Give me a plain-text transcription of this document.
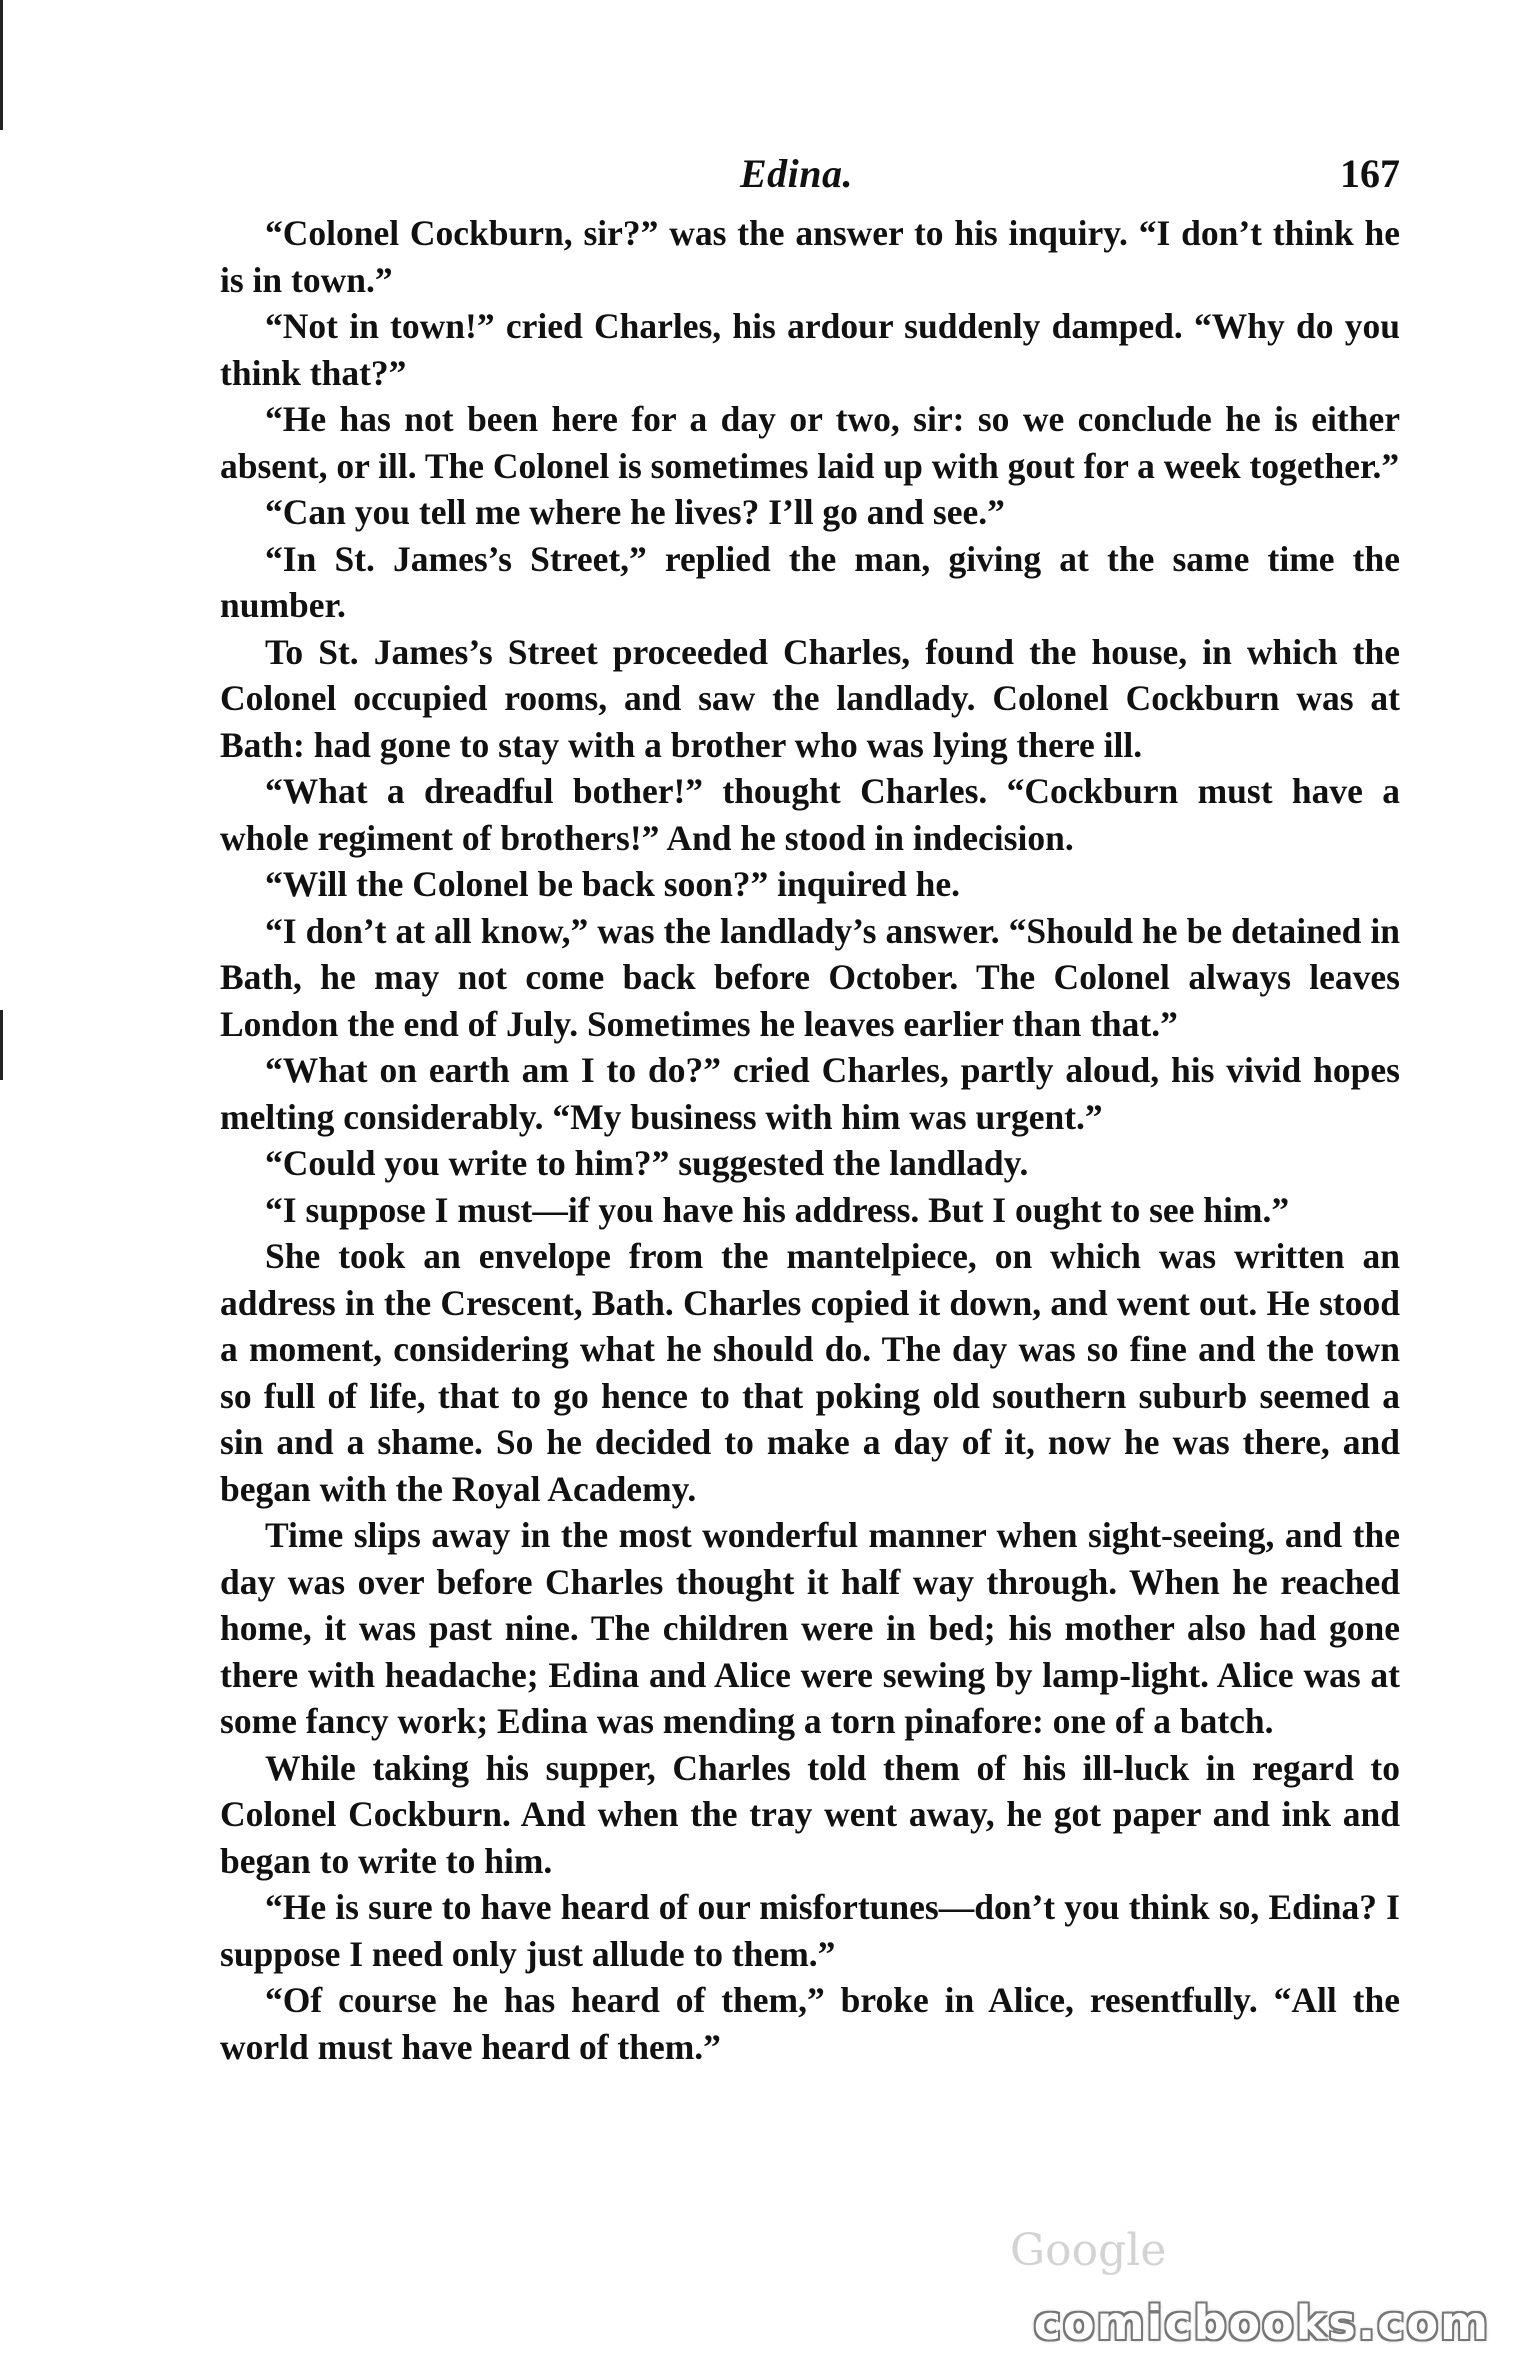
Edina.	167

“Colonel Cockburn, sir?” was the answer to his inquiry. “I don’t think he is in town.”

“Not in town!” cried Charles, his ardour suddenly damped. “Why do you think that?”

“He has not been here for a day or two, sir: so we conclude he is either absent, or ill. The Colonel is sometimes laid up with gout for a week together.”

“Can you tell me where he lives? I’ll go and see.”

“In St. James’s Street,” replied the man, giving at the same time the number.

To St. James’s Street proceeded Charles, found the house, in which the Colonel occupied rooms, and saw the landlady. Colonel Cockburn was at Bath: had gone to stay with a brother who was lying there ill.

“What a dreadful bother!” thought Charles. “Cockburn must have a whole regiment of brothers!” And he stood in indecision.

“Will the Colonel be back soon?” inquired he.

“I don’t at all know,” was the landlady’s answer. “Should he be detained in Bath, he may not come back before October. The Colonel always leaves London the end of July. Sometimes he leaves earlier than that.”

“What on earth am I to do?” cried Charles, partly aloud, his vivid hopes melting considerably. “My business with him was urgent.”

“Could you write to him?” suggested the landlady.

“I suppose I must—if you have his address. But I ought to see him.”

She took an envelope from the mantelpiece, on which was written an address in the Crescent, Bath. Charles copied it down, and went out. He stood a moment, considering what he should do. The day was so fine and the town so full of life, that to go hence to that poking old southern suburb seemed a sin and a shame. So he decided to make a day of it, now he was there, and began with the Royal Academy.

Time slips away in the most wonderful manner when sight-seeing, and the day was over before Charles thought it half way through. When he reached home, it was past nine. The children were in bed; his mother also had gone there with headache; Edina and Alice were sewing by lamp-light. Alice was at some fancy work; Edina was mending a torn pinafore: one of a batch.

While taking his supper, Charles told them of his ill-luck in regard to Colonel Cockburn. And when the tray went away, he got paper and ink and began to write to him.

“He is sure to have heard of our misfortunes—don’t you think so, Edina? I suppose I need only just allude to them.”

“Of course he has heard of them,” broke in Alice, resentfully. “All the world must have heard of them.”

Google
comicbooks.com
